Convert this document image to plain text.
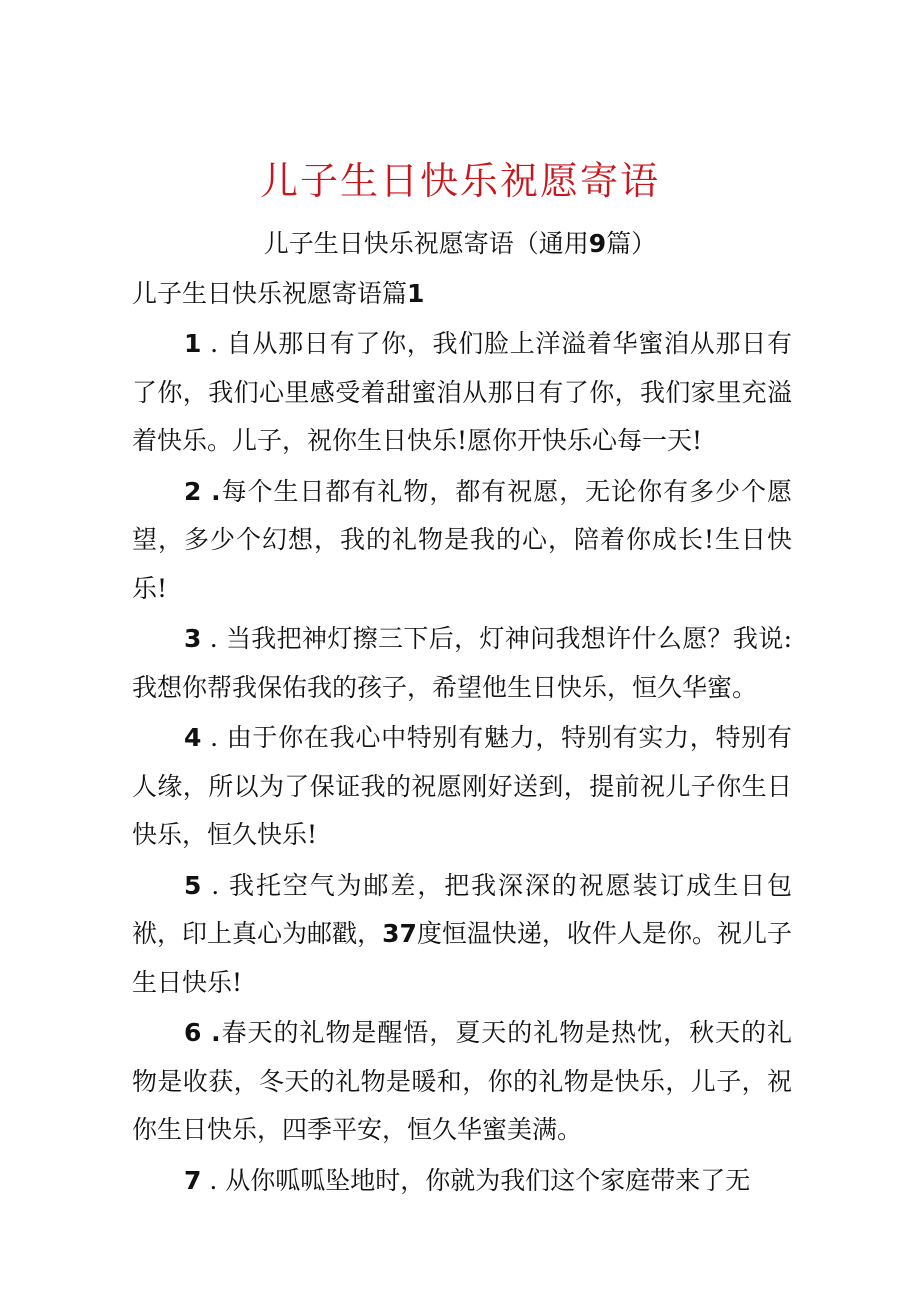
儿子生日快乐祝愿寄语

儿子生日快乐祝愿寄语（通用9篇）

儿子生日快乐祝愿寄语篇1

1 . 自从那日有了你，我们脸上洋溢着华蜜洎从那日有了你，我们心里感受着甜蜜洎从那日有了你，我们家里充溢着快乐。儿子，祝你生日快乐!愿你开快乐心每一天!

2 .每个生日都有礼物，都有祝愿，无论你有多少个愿望，多少个幻想，我的礼物是我的心，陪着你成长!生日快乐!

3 . 当我把神灯擦三下后，灯神问我想许什么愿？我说:我想你帮我保佑我的孩子，希望他生日快乐，恒久华蜜。

4 . 由于你在我心中特别有魅力，特别有实力，特别有人缘，所以为了保证我的祝愿刚好送到，提前祝儿子你生日快乐，恒久快乐!

5 . 我托空气为邮差，把我深深的祝愿装订成生日包袱，印上真心为邮戳，37度恒温快递，收件人是你。祝儿子生日快乐!

6 .春天的礼物是醒悟，夏天的礼物是热忱，秋天的礼物是收获，冬天的礼物是暖和，你的礼物是快乐，儿子，祝你生日快乐，四季平安，恒久华蜜美满。

7 . 从你呱呱坠地时，你就为我们这个家庭带来了无
